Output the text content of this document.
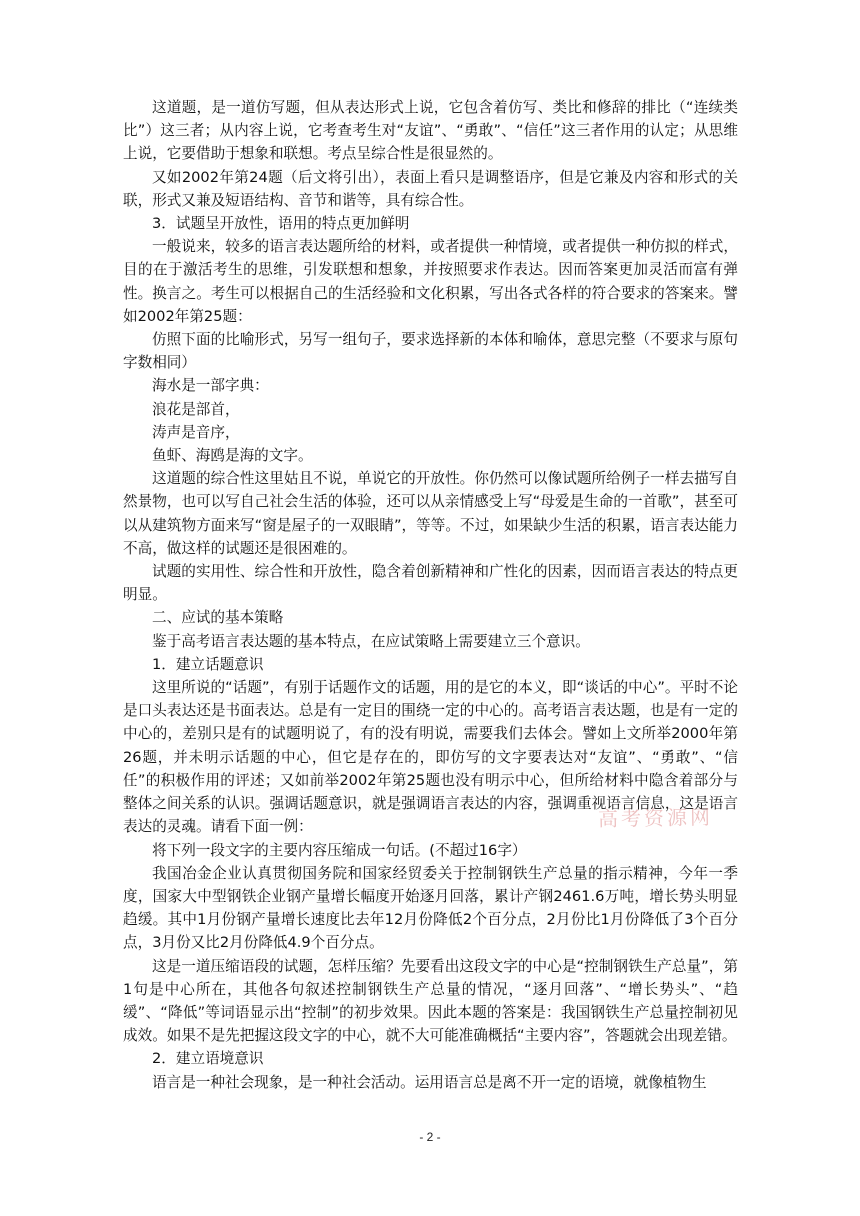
这道题，是一道仿写题，但从表达形式上说，它包含着仿写、类比和修辞的排比（“连续类比”）这三者；从内容上说，它考查考生对“友谊”、“勇敢”、“信任”这三者作用的认定；从思维上说，它要借助于想象和联想。考点呈综合性是很显然的。

又如2002年第24题（后文将引出），表面上看只是调整语序，但是它兼及内容和形式的关联，形式又兼及短语结构、音节和谐等，具有综合性。

3．试题呈开放性，语用的特点更加鲜明

一般说来，较多的语言表达题所给的材料，或者提供一种情境，或者提供一种仿拟的样式，目的在于激活考生的思维，引发联想和想象，并按照要求作表达。因而答案更加灵活而富有弹性。换言之。考生可以根据自己的生活经验和文化积累，写出各式各样的符合要求的答案来。譬如2002年第25题：

仿照下面的比喻形式，另写一组句子，要求选择新的本体和喻体，意思完整（不要求与原句字数相同）

海水是一部字典：

浪花是部首，

涛声是音序，

鱼虾、海鸥是海的文字。

这道题的综合性这里姑且不说，单说它的开放性。你仍然可以像试题所给例子一样去描写自然景物，也可以写自己社会生活的体验，还可以从亲情感受上写“母爱是生命的一首歌”，甚至可以从建筑物方面来写“窗是屋子的一双眼睛”，等等。不过，如果缺少生活的积累，语言表达能力不高，做这样的试题还是很困难的。

试题的实用性、综合性和开放性，隐含着创新精神和广性化的因素，因而语言表达的特点更明显。

二、应试的基本策略

鉴于高考语言表达题的基本特点，在应试策略上需要建立三个意识。

1．建立话题意识

这里所说的“话题”，有别于话题作文的话题，用的是它的本义，即“谈话的中心”。平时不论是口头表达还是书面表达。总是有一定目的围绕一定的中心的。高考语言表达题，也是有一定的中心的，差别只是有的试题明说了，有的没有明说，需要我们去体会。譬如上文所举2000年第26题，并未明示话题的中心，但它是存在的，即仿写的文字要表达对“友谊”、“勇敢”、“信任”的积极作用的评述；又如前举2002年第25题也没有明示中心，但所给材料中隐含着部分与整体之间关系的认识。强调话题意识，就是强调语言表达的内容，强调重视语言信息，这是语言表达的灵魂。请看下面一例：

将下列一段文字的主要内容压缩成一句话。(不超过16字）

我国冶金企业认真贯彻国务院和国家经贸委关于控制钢铁生产总量的指示精神，今年一季度，国家大中型钢铁企业钢产量增长幅度开始逐月回落，累计产钢2461.6万吨，增长势头明显趋缓。其中1月份钢产量增长速度比去年12月份降低2个百分点，2月份比1月份降低了3个百分点，3月份又比2月份降低4.9个百分点。

这是一道压缩语段的试题，怎样压缩？先要看出这段文字的中心是“控制钢铁生产总量”，第1句是中心所在，其他各句叙述控制钢铁生产总量的情况，“逐月回落”、“增长势头”、“趋缓”、“降低”等词语显示出“控制”的初步效果。因此本题的答案是：我国钢铁生产总量控制初见成效。如果不是先把握这段文字的中心，就不大可能准确概括“主要内容”，答题就会出现差错。

2．建立语境意识

语言是一种社会现象，是一种社会活动。运用语言总是离不开一定的语境，就像植物生

高考资源网
- 2 -
